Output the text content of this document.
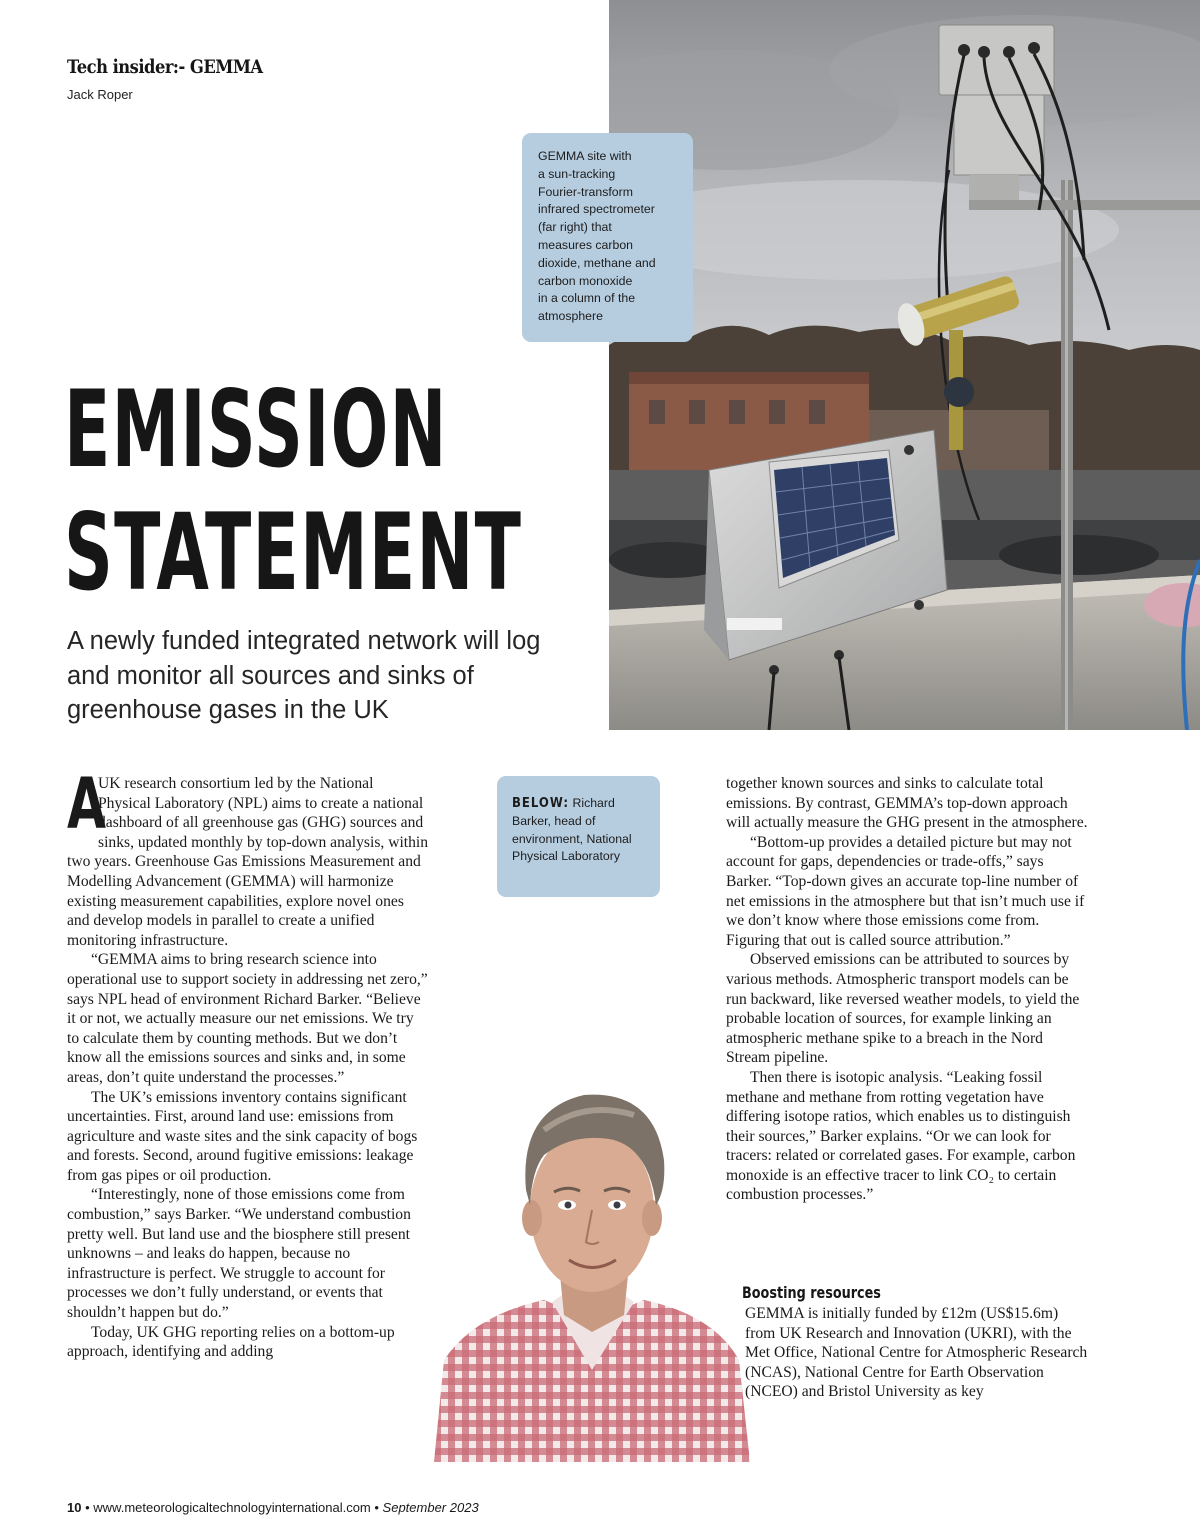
Tech insider:- GEMMA
Jack Roper
GEMMA site with
a sun-tracking
Fourier-transform
infrared spectrometer
(far right) that
measures carbon
dioxide, methane and
carbon monoxide
in a column of the
atmosphere
EMISSION
STATEMENT
A newly funded integrated network will log and monitor all sources and sinks of greenhouse gases in the UK
BELOW: Richard Barker, head of environment, National Physical Laboratory

A
UK research consortium led by the National Physical Laboratory (NPL) aims to create a national dashboard of all greenhouse gas (GHG) sources and sinks, updated monthly by top-down analysis, within two years. Greenhouse Gas Emissions Measurement and Modelling Advancement (GEMMA) will harmonize existing measurement capabilities, explore novel ones and develop models in parallel to create a unified monitoring infrastructure.

“GEMMA aims to bring research science into operational use to support society in addressing net zero,” says NPL head of environment Richard Barker. “Believe it or not, we actually measure our net emissions. We try to calculate them by counting methods. But we don’t know all the emissions sources and sinks and, in some areas, don’t quite understand the processes.”

The UK’s emissions inventory contains significant uncertainties. First, around land use: emissions from agriculture and waste sites and the sink capacity of bogs and forests. Second, around fugitive emissions: leakage from gas pipes or oil production.

“Interestingly, none of those emissions come from combustion,” says Barker. “We understand combustion pretty well. But land use and the biosphere still present unknowns – and leaks do happen, because no infrastructure is perfect. We struggle to account for processes we don’t fully understand, or events that shouldn’t happen but do.”

Today, UK GHG reporting relies on a bottom-up approach, identifying and adding

together known sources and sinks to calculate total emissions. By contrast, GEMMA’s top-down approach will actually measure the GHG present in the atmosphere.

“Bottom-up provides a detailed picture but may not account for gaps, dependencies or trade-offs,” says Barker. “Top-down gives an accurate top-line number of net emissions in the atmosphere but that isn’t much use if we don’t know where those emissions come from. Figuring that out is called source attribution.”

Observed emissions can be attributed to sources by various methods. Atmospheric transport models can be run backward, like reversed weather models, to yield the probable location of sources, for example linking an atmospheric methane spike to a breach in the Nord Stream pipeline.

Then there is isotopic analysis. “Leaking fossil methane and methane from rotting vegetation have differing isotope ratios, which enables us to distinguish their sources,” Barker explains. “Or we can look for tracers: related or correlated gases. For example, carbon monoxide is an effective tracer to link CO₂ to certain combustion processes.”

Boosting resources

GEMMA is initially funded by £12m (US$15.6m) from UK Research and Innovation (UKRI), with the Met Office, National Centre for Atmospheric Research (NCAS), National Centre for Earth Observation (NCEO) and Bristol University as key

10 • www.meteorologicaltechnologyinternational.com • September 2023
